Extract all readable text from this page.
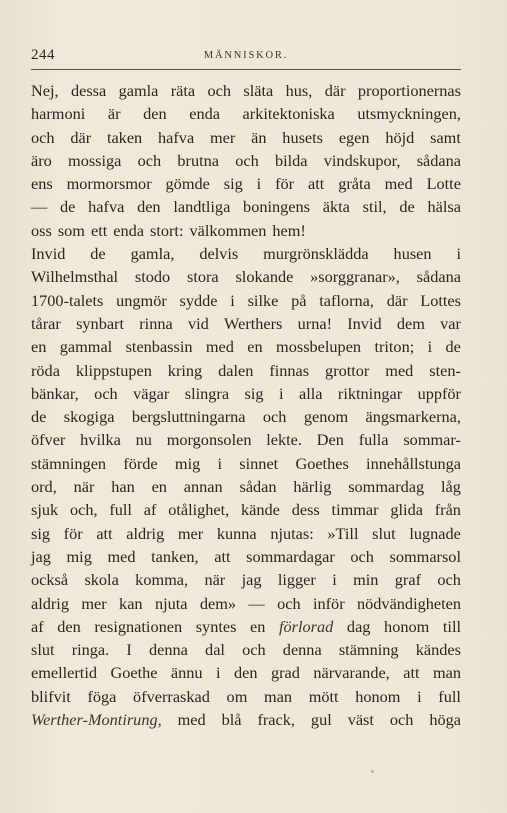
244	MÄNNISKOR.
Nej, dessa gamla räta och släta hus, där proportionernas
harmoni är den enda arkitektoniska utsmyckningen,
och där taken hafva mer än husets egen höjd samt
äro mossiga och brutna och bilda vindskupor, sådana
ens mormorsmor gömde sig i för att gråta med Lotte
— de hafva den landtliga boningens äkta stil, de hälsa
oss som ett enda stort: välkommen hem!
Invid de gamla, delvis murgrönsklädda husen i
Wilhelmsthal stodo stora slokande »sorggranar», sådana
1700-talets ungmör sydde i silke på taflorna, där Lottes
tårar synbart rinna vid Werthers urna! Invid dem var
en gammal stenbassin med en mossbelupen triton; i de
röda klippstupen kring dalen finnas grottor med sten-
bänkar, och vägar slingra sig i alla riktningar uppför
de skogiga bergsluttningarna och genom ängsmarkerna,
öfver hvilka nu morgonsolen lekte. Den fulla sommar-
stämningen förde mig i sinnet Goethes innehållstunga
ord, när han en annan sådan härlig sommardag låg
sjuk och, full af otålighet, kände dess timmar glida från
sig för att aldrig mer kunna njutas: »Till slut lugnade
jag mig med tanken, att sommardagar och sommarsol
också skola komma, när jag ligger i min graf och
aldrig mer kan njuta dem» — och inför nödvändigheten
af den resignationen syntes en förlorad dag honom till
slut ringa. I denna dal och denna stämning kändes
emellertid Goethe ännu i den grad närvarande, att man
blifvit föga öfverraskad om man mött honom i full
Werther-Montirung, med blå frack, gul väst och höga
